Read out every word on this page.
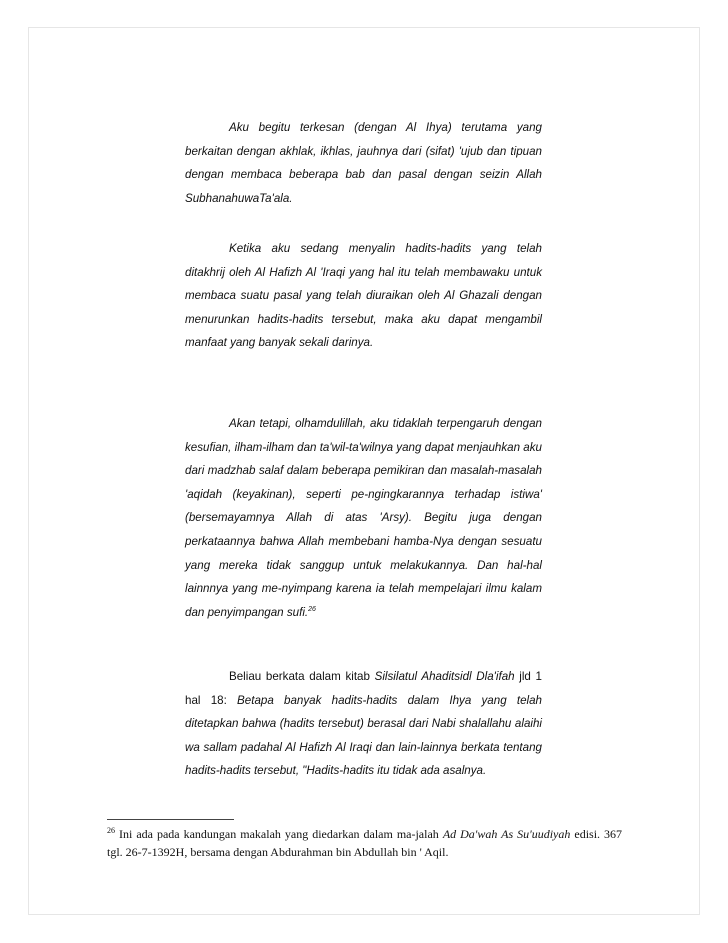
Aku begitu terkesan (dengan Al Ihya) terutama yang berkaitan dengan akhlak, ikhlas, jauhnya dari (sifat) 'ujub dan tipuan dengan membaca beberapa bab dan pasal dengan seizin Allah SubhanahuwaTa'ala.
Ketika aku sedang menyalin hadits-hadits yang telah ditakhrij oleh Al Hafizh Al 'Iraqi yang hal itu telah membawaku untuk membaca suatu pasal yang telah diuraikan oleh Al Ghazali dengan menurunkan hadits-hadits tersebut, maka aku dapat mengambil manfaat yang banyak sekali darinya.
Akan tetapi, olhamdulillah, aku tidaklah terpengaruh dengan kesufian, ilham-ilham dan ta'wil-ta'wilnya yang dapat menjauhkan aku dari madzhab salaf dalam beberapa pemikiran dan masalah-masalah 'aqidah (keyakinan), seperti pe-ngingkarannya terhadap istiwa' (bersemayamnya Allah di atas 'Arsy). Begitu juga dengan perkataannya bahwa Allah membebani hamba-Nya dengan sesuatu yang mereka tidak sanggup untuk melakukannya. Dan hal-hal lainnnya yang me-nyimpang karena ia telah mempelajari ilmu kalam dan penyimpangan sufi.$^{26}$
Beliau berkata dalam kitab Silsilatul Ahaditsidl Dla'ifah jld 1 hal 18: Betapa banyak hadits-hadits dalam Ihya yang telah ditetapkan bahwa (hadits tersebut) berasal dari Nabi shalallahu alaihi wa sallam padahal Al Hafizh Al Iraqi dan lain-lainnya berkata tentang hadits-hadits tersebut, "Hadits-hadits itu tidak ada asalnya.
$^{26}$ Ini ada pada kandungan makalah yang diedarkan dalam ma-jalah Ad Da'wah As Su'uudiyah edisi. 367 tgl. 26-7-1392H, bersama dengan Abdurahman bin Abdullah bin ' Aqil.
